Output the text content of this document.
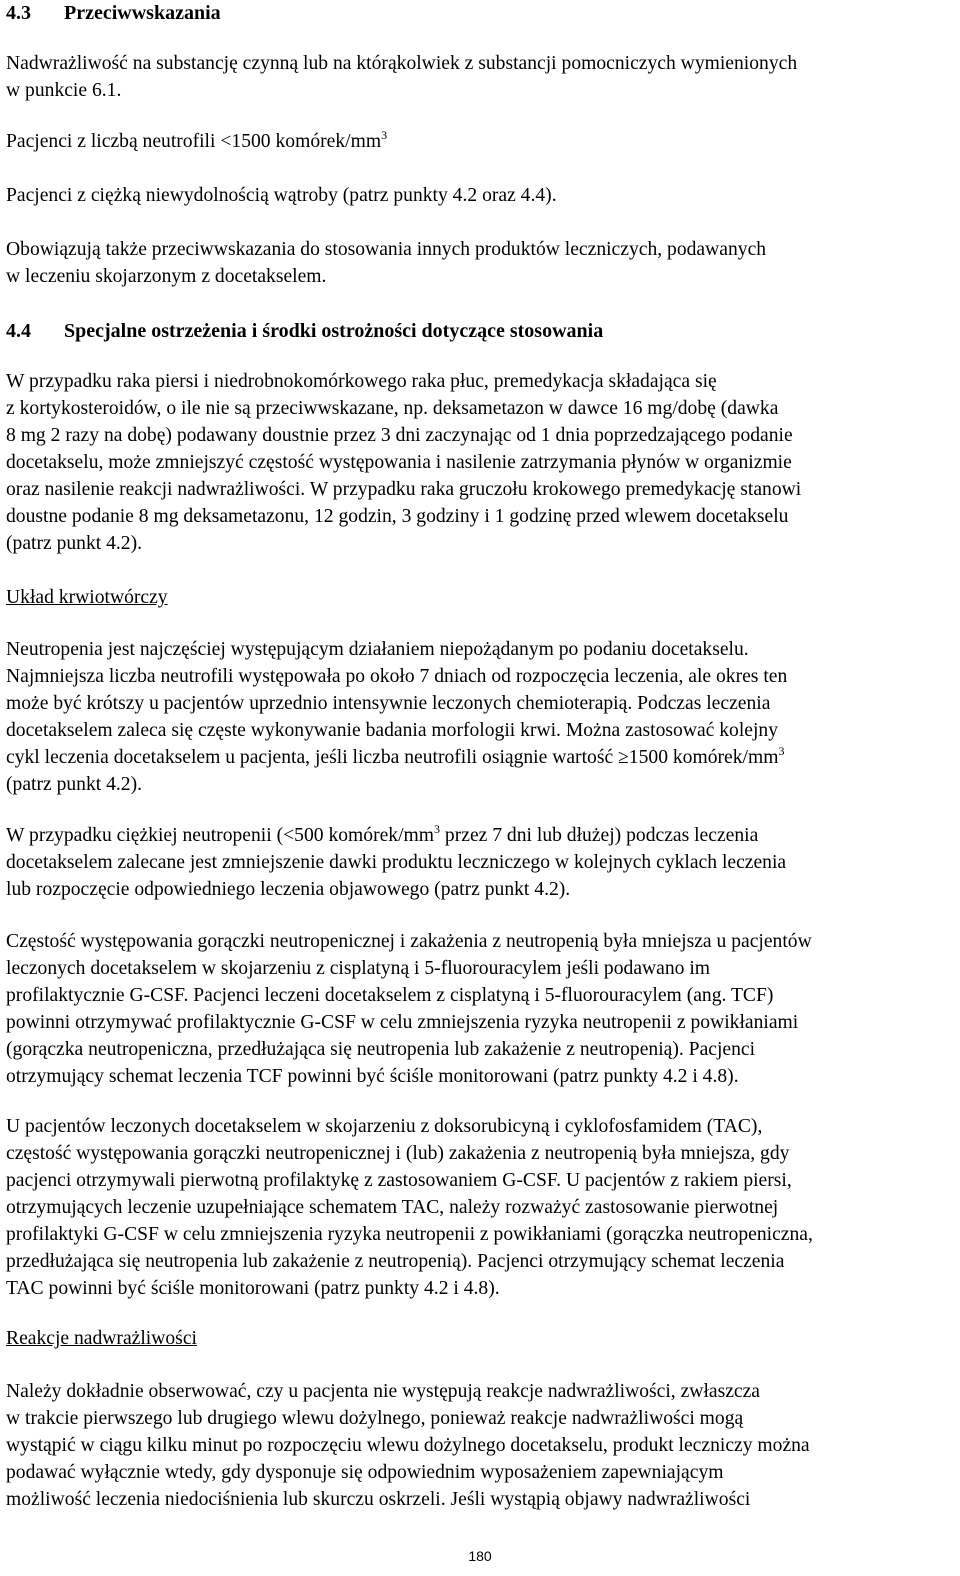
4.3 Przeciwwskazania

Nadwrażliwość na substancję czynną lub na którąkolwiek z substancji pomocniczych wymienionych

w punkcie 6.1.

Pacjenci z liczbą neutrofili <1500 komórek/$mm^3$

Pacjenci z ciężką niewydolnością wątroby (patrz punkty 4.2 oraz 4.4).

Obowiązują także przeciwwskazania do stosowania innych produktów leczniczych, podawanych

w leczeniu skojarzonym z docetakselem.

4.4 Specjalne ostrzeżenia i środki ostrożności dotyczące stosowania

W przypadku raka piersi i niedrobnokomórkowego raka płuc, premedykacja składająca się

z kortykosteroidów, o ile nie są przeciwwskazane, np. deksametazon w dawce 16 mg/dobę (dawka

8 mg 2 razy na dobę) podawany doustnie przez 3 dni zaczynając od 1 dnia poprzedzającego podanie

docetakselu, może zmniejszyć częstość występowania i nasilenie zatrzymania płynów w organizmie

oraz nasilenie reakcji nadwrażliwości. W przypadku raka gruczołu krokowego premedykację stanowi

doustne podanie 8 mg deksametazonu, 12 godzin, 3 godziny i 1 godzinę przed wlewem docetakselu

(patrz punkt 4.2).

Układ krwiotwórczy

Neutropenia jest najczęściej występującym działaniem niepożądanym po podaniu docetakselu.

Najmniejsza liczba neutrofili występowała po około 7 dniach od rozpoczęcia leczenia, ale okres ten

może być krótszy u pacjentów uprzednio intensywnie leczonych chemioterapią. Podczas leczenia

docetakselem zaleca się częste wykonywanie badania morfologii krwi. Można zastosować kolejny

cykl leczenia docetakselem u pacjenta, jeśli liczba neutrofili osiągnie wartość ≥1500 komórek/$mm^3$

(patrz punkt 4.2).

W przypadku ciężkiej neutropenii (<500 komórek/$mm^3$ przez 7 dni lub dłużej) podczas leczenia

docetakselem zalecane jest zmniejszenie dawki produktu leczniczego w kolejnych cyklach leczenia

lub rozpoczęcie odpowiedniego leczenia objawowego (patrz punkt 4.2).

Częstość występowania gorączki neutropenicznej i zakażenia z neutropenią była mniejsza u pacjentów

leczonych docetakselem w skojarzeniu z cisplatyną i 5-fluorouracylem jeśli podawano im

profilaktycznie G-CSF. Pacjenci leczeni docetakselem z cisplatyną i 5-fluorouracylem (ang. TCF)

powinni otrzymywać profilaktycznie G-CSF w celu zmniejszenia ryzyka neutropenii z powikłaniami

(gorączka neutropeniczna, przedłużająca się neutropenia lub zakażenie z neutropenią). Pacjenci

otrzymujący schemat leczenia TCF powinni być ściśle monitorowani (patrz punkty 4.2 i 4.8).

U pacjentów leczonych docetakselem w skojarzeniu z doksorubicyną i cyklofosfamidem (TAC),

częstość występowania gorączki neutropenicznej i (lub) zakażenia z neutropenią była mniejsza, gdy

pacjenci otrzymywali pierwotną profilaktykę z zastosowaniem G-CSF. U pacjentów z rakiem piersi,

otrzymujących leczenie uzupełniające schematem TAC, należy rozważyć zastosowanie pierwotnej

profilaktyki G-CSF w celu zmniejszenia ryzyka neutropenii z powikłaniami (gorączka neutropeniczna,

przedłużająca się neutropenia lub zakażenie z neutropenią). Pacjenci otrzymujący schemat leczenia

TAC powinni być ściśle monitorowani (patrz punkty 4.2 i 4.8).

Reakcje nadwrażliwości

Należy dokładnie obserwować, czy u pacjenta nie występują reakcje nadwrażliwości, zwłaszcza

w trakcie pierwszego lub drugiego wlewu dożylnego, ponieważ reakcje nadwrażliwości mogą

wystąpić w ciągu kilku minut po rozpoczęciu wlewu dożylnego docetakselu, produkt leczniczy można

podawać wyłącznie wtedy, gdy dysponuje się odpowiednim wyposażeniem zapewniającym

możliwość leczenia niedociśnienia lub skurczu oskrzeli. Jeśli wystąpią objawy nadwrażliwości

180
